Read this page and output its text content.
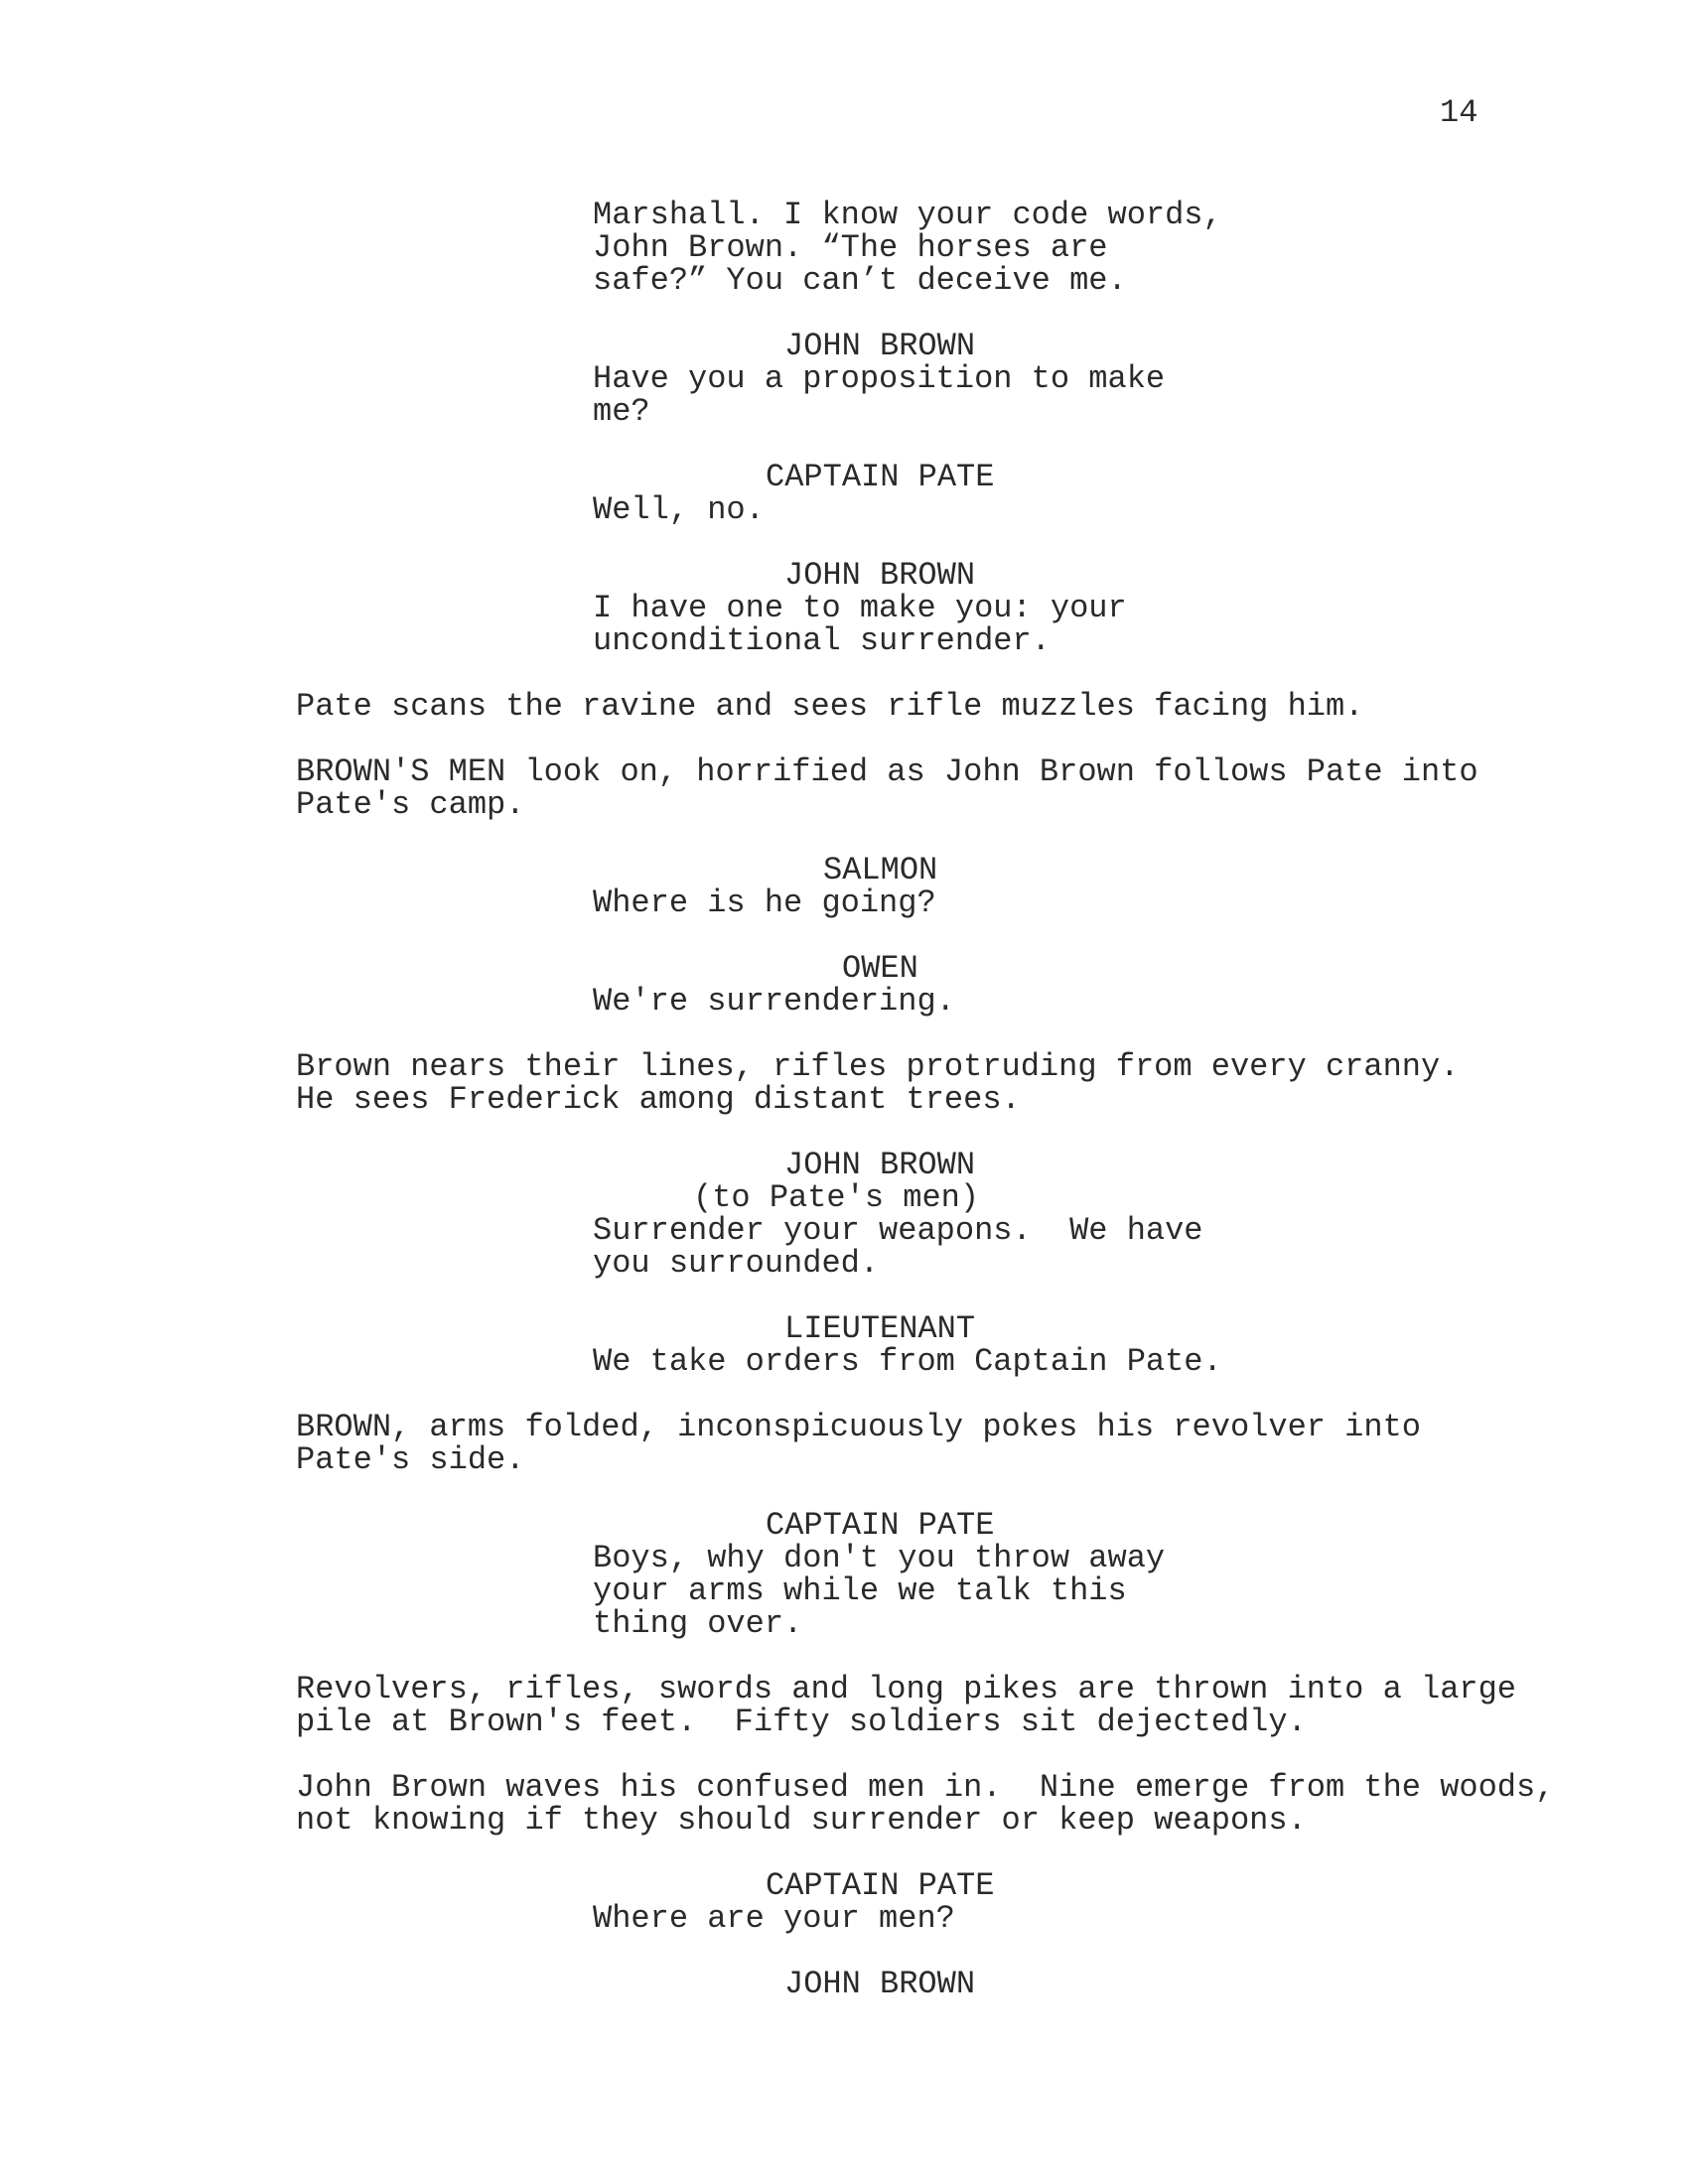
14
Marshall. I know your code words,
John Brown. “The horses are
safe?” You can’t deceive me.
JOHN BROWN
Have you a proposition to make
me?
CAPTAIN PATE
Well, no.
JOHN BROWN
I have one to make you: your
unconditional surrender.
Pate scans the ravine and sees rifle muzzles facing him.
BROWN'S MEN look on, horrified as John Brown follows Pate into
Pate's camp.
SALMON
Where is he going?
OWEN
We're surrendering.
Brown nears their lines, rifles protruding from every cranny.
He sees Frederick among distant trees.
JOHN BROWN
(to Pate's men)
Surrender your weapons.  We have
you surrounded.
LIEUTENANT
We take orders from Captain Pate.
BROWN, arms folded, inconspicuously pokes his revolver into
Pate's side.
CAPTAIN PATE
Boys, why don't you throw away
your arms while we talk this
thing over.
Revolvers, rifles, swords and long pikes are thrown into a large
pile at Brown's feet.  Fifty soldiers sit dejectedly.
John Brown waves his confused men in.  Nine emerge from the woods,
not knowing if they should surrender or keep weapons.
CAPTAIN PATE
Where are your men?
JOHN BROWN
